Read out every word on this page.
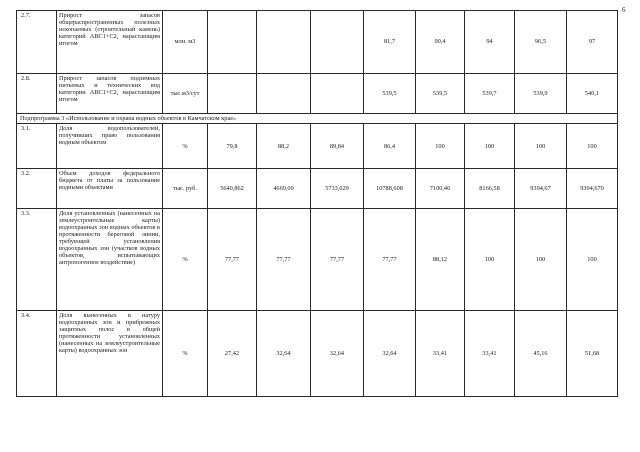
6
2.7.	Прирост запасов общераспространенных полезных ископаемых (строительный камень) категорий АВС1+С2, нарастающим итогом	млн. м3				81,7	90,4	94	96,5	97
2.8.	Прирост запасов подземных питьевых и технических вод категории АВС1+С2, нарастающим итогом	тыс.м3/сут				539,5	539,5	539,7	539,9	540,1
Подпрограмма 3 «Использование и охрана водных объектов в Камчатском крае»										
3.1.	Доля водопользователей, получивших право пользования водным объектом	%	79,8	88,2	89,84	86,4	100	100	100	100
3.2.	Объем доходов федерального бюджета от платы за пользование водными объектами	тыс. руб.	5640,862	4669,09	5733,029	10788,608	7100,46	8166,58	9394,67	9394,670
3.3.	Доля установленных (нанесенных на землеустроительные карты) водоохранных зон водных объектов в протяженности береговой линии, требующей установления водоохранных зон (участков водных объектов, испытывающих антропогенное воздействие)	%	77,77	77,77	77,77	77,77	88,12	100	100	100
3.4.	Доля вынесенных в натуру водоохранных зон и прибрежных защитных полос в общей протяженности установленных (нанесенных на землеустроительные карты) водоохранных зон	%	27,42	32,64	32,64	32,64	33,41	33,41	45,16	51,68
